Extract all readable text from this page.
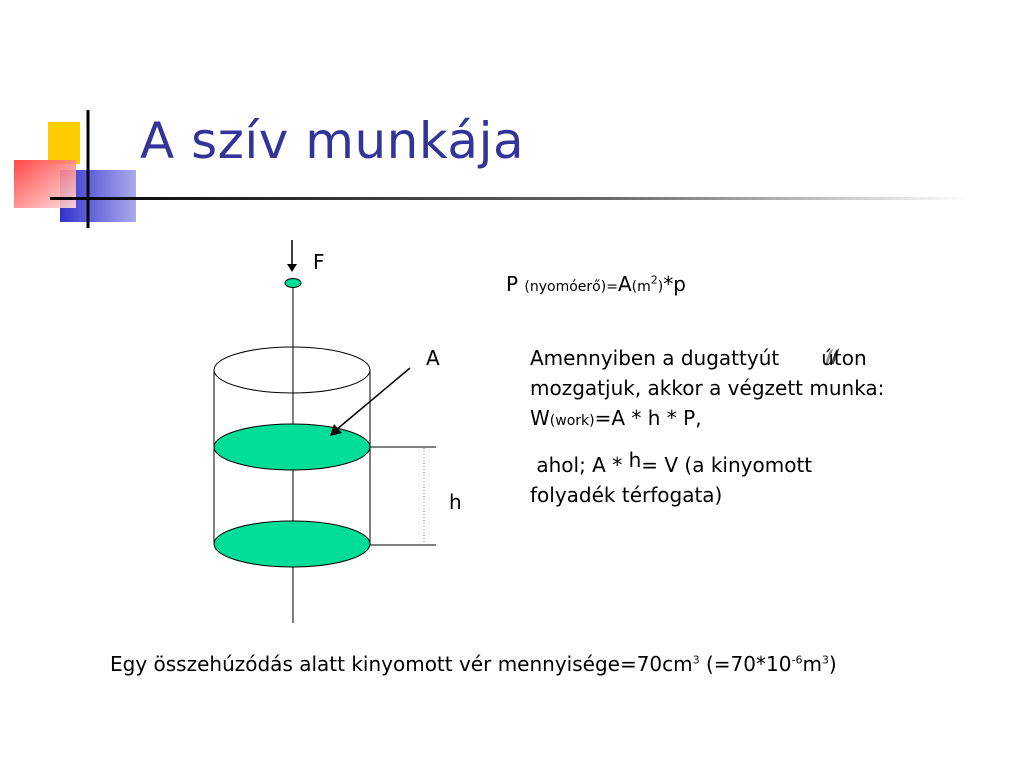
A szív munkája
F
A
h
P $(nyomóerő)=A(m^2)*p$
Amennyiben a dugattyút úton
mozgatjuk, akkor a végzett munka:
W(work)=A * h * P,
ahol; A * h= V (a kinyomott
folyadék térfogata)
Egy összehúzódás alatt kinyomott vér $mennyisége=70cm^3$ $(=70*10^{-6}m^3)$
